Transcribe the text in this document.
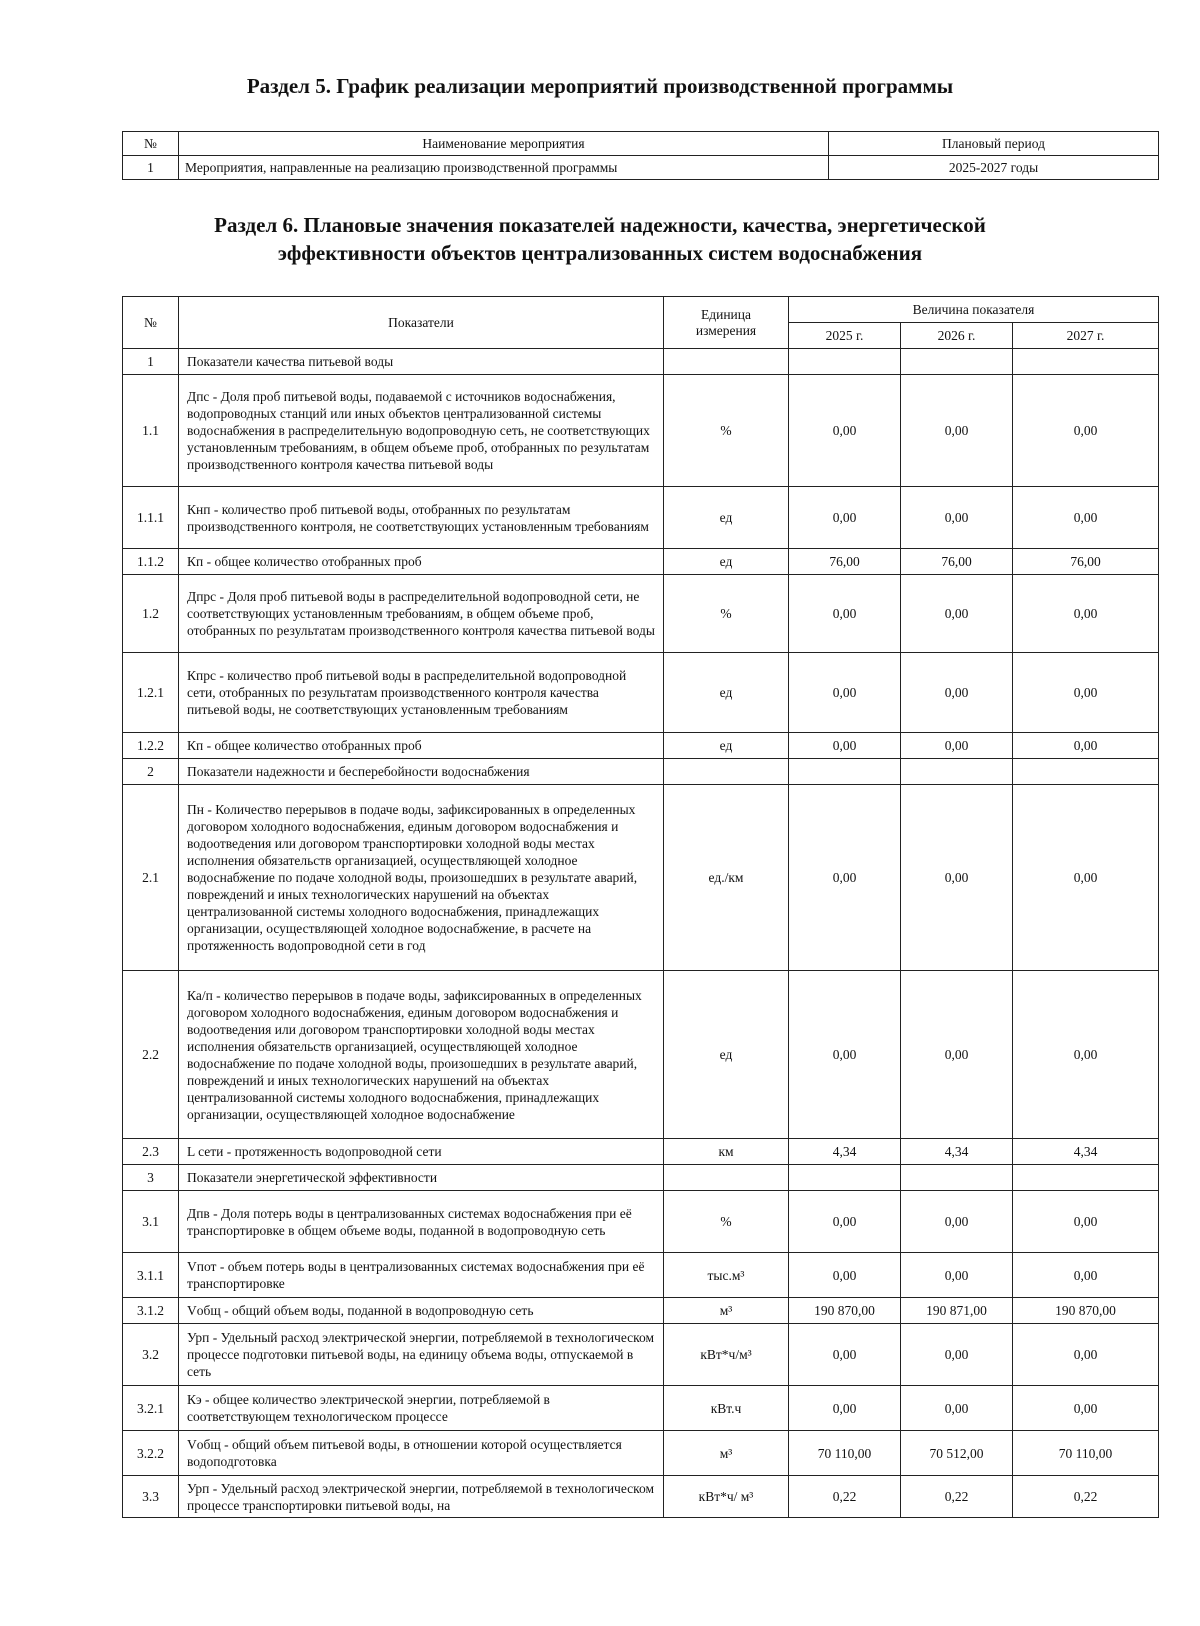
Раздел 5. График реализации мероприятий производственной программы
№	Наименование мероприятия	Плановый период
1	Мероприятия, направленные на реализацию производственной программы	2025-2027 годы
Раздел 6. Плановые значения показателей надежности, качества, энергетической
эффективности объектов централизованных систем водоснабжения
№	Показатели	Единица измерения	Величина показателя		
			2025 г.	2026 г.	2027 г.
1	Показатели качества питьевой воды				
1.1	Дпс - Доля проб питьевой воды, подаваемой с источников водоснабжения, водопроводных станций или иных объектов централизованной системы водоснабжения в распределительную водопроводную сеть, не соответствующих установленным требованиям, в общем объеме проб, отобранных по результатам производственного контроля качества питьевой воды	%	0,00	0,00	0,00
1.1.1	Кнп - количество проб питьевой воды, отобранных по результатам производственного контроля, не соответствующих установленным требованиям	ед	0,00	0,00	0,00
1.1.2	Кп - общее количество отобранных проб	ед	76,00	76,00	76,00
1.2	Дпрс - Доля проб питьевой воды в распределительной водопроводной сети, не соответствующих установленным требованиям, в общем объеме проб, отобранных по результатам производственного контроля качества питьевой воды	%	0,00	0,00	0,00
1.2.1	Кпрс - количество проб питьевой воды в распределительной водопроводной сети, отобранных по результатам производственного контроля качества питьевой воды, не соответствующих установленным требованиям	ед	0,00	0,00	0,00
1.2.2	Кп - общее количество отобранных проб	ед	0,00	0,00	0,00
2	Показатели надежности и бесперебойности водоснабжения				
2.1	Пн - Количество перерывов в подаче воды, зафиксированных в определенных договором холодного водоснабжения, единым договором водоснабжения и водоотведения или договором транспортировки холодной воды местах исполнения обязательств организацией, осуществляющей холодное водоснабжение по подаче холодной воды, произошедших в результате аварий, повреждений и иных технологических нарушений на объектах централизованной системы холодного водоснабжения, принадлежащих организации, осуществляющей холодное водоснабжение, в расчете на протяженность водопроводной сети в год	ед./км	0,00	0,00	0,00
2.2	Ка/п - количество перерывов в подаче воды, зафиксированных в определенных договором холодного водоснабжения, единым договором водоснабжения и водоотведения или договором транспортировки холодной воды местах исполнения обязательств организацией, осуществляющей холодное водоснабжение по подаче холодной воды, произошедших в результате аварий, повреждений и иных технологических нарушений на объектах централизованной системы холодного водоснабжения, принадлежащих организации, осуществляющей холодное водоснабжение	ед	0,00	0,00	0,00
2.3	L сети - протяженность водопроводной сети	км	4,34	4,34	4,34
3	Показатели энергетической эффективности				
3.1	Дпв - Доля потерь воды в централизованных системах водоснабжения при её транспортировке в общем объеме воды, поданной в водопроводную сеть	%	0,00	0,00	0,00
3.1.1	Vпот - объем потерь воды в централизованных системах водоснабжения при её транспортировке	тыс.м³	0,00	0,00	0,00
3.1.2	Vобщ - общий объем воды, поданной в водопроводную сеть	м³	190 870,00	190 871,00	190 870,00
3.2	Урп - Удельный расход электрической энергии, потребляемой в технологическом процессе подготовки питьевой воды, на единицу объема воды, отпускаемой в сеть	кВт*ч/м³	0,00	0,00	0,00
3.2.1	Кэ - общее количество электрической энергии, потребляемой в соответствующем технологическом процессе	кВт.ч	0,00	0,00	0,00
3.2.2	Vобщ - общий объем питьевой воды, в отношении которой осуществляется водоподготовка	м³	70 110,00	70 512,00	70 110,00
3.3	Урп - Удельный расход электрической энергии, потребляемой в технологическом процессе транспортировки питьевой воды, на	кВт*ч/ м³	0,22	0,22	0,22
